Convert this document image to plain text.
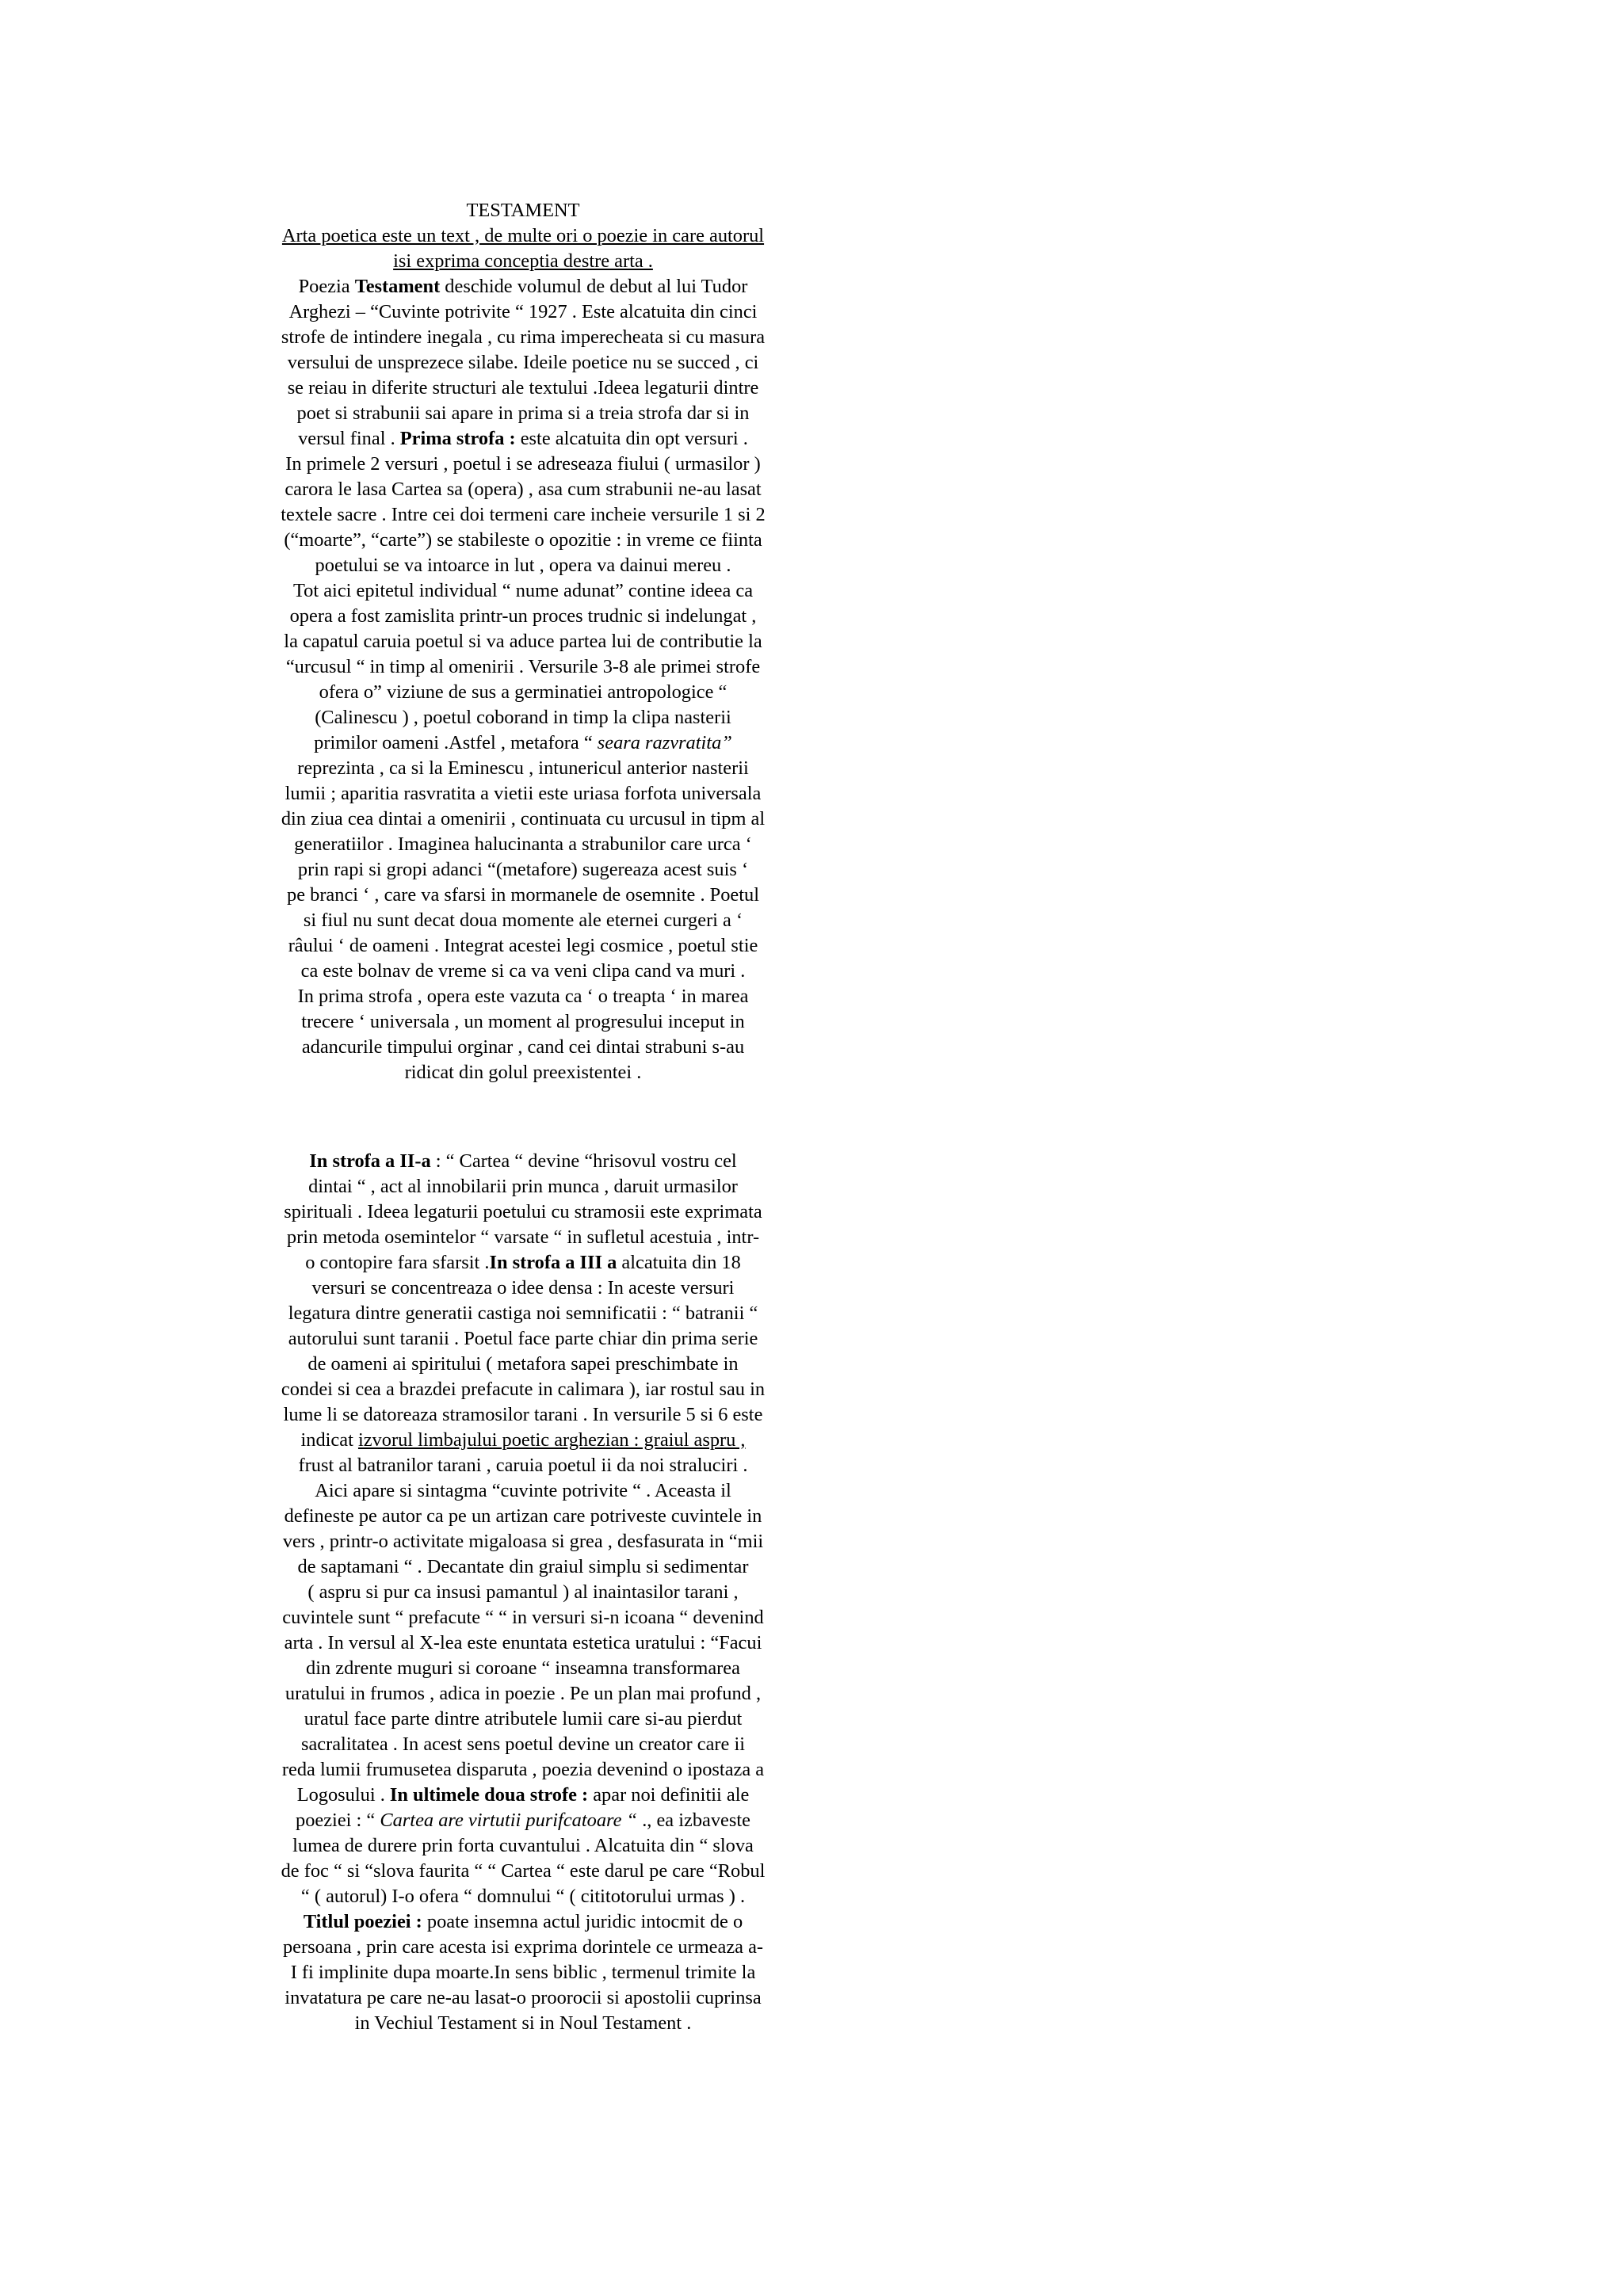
TESTAMENT
Arta poetica este un text , de multe ori o poezie in care autorul
isi exprima conceptia destre arta .
Poezia Testament deschide volumul de debut al lui Tudor
Arghezi – “Cuvinte potrivite “ 1927 . Este alcatuita din cinci
strofe de intindere inegala , cu rima imperecheata si cu masura
versului de unsprezece silabe. Ideile poetice nu se succed , ci
se reiau in diferite structuri ale textului .Ideea legaturii dintre
poet si strabunii sai apare in prima si a treia strofa dar si in
versul final . Prima strofa : este alcatuita din opt versuri .
In primele 2 versuri , poetul i se adreseaza fiului ( urmasilor )
carora le lasa Cartea sa (opera) , asa cum strabunii ne-au lasat
textele sacre . Intre cei doi termeni care incheie versurile 1 si 2
(“moarte”, “carte”) se stabileste o opozitie : in vreme ce fiinta
poetului se va intoarce in lut , opera va dainui mereu .
Tot aici epitetul individual “ nume adunat” contine ideea ca
opera a fost zamislita printr-un proces trudnic si indelungat ,
la capatul caruia poetul si va aduce partea lui de contributie la
“urcusul “ in timp al omenirii . Versurile 3-8 ale primei strofe
ofera o” viziune de sus a germinatiei antropologice “
(Calinescu ) , poetul coborand in timp la clipa nasterii
primilor oameni .Astfel , metafora “ seara razvratita”
reprezinta , ca si la Eminescu , intunericul anterior nasterii
lumii ; aparitia rasvratita a vietii este uriasa forfota universala
din ziua cea dintai a omenirii , continuata cu urcusul in tipm al
generatiilor . Imaginea halucinanta a strabunilor care urca ‘
prin rapi si gropi adanci “(metafore) sugereaza acest suis ‘
pe branci ‘ , care va sfarsi in mormanele de osemnite . Poetul
si fiul nu sunt decat doua momente ale eternei curgeri a ‘
râului ‘ de oameni . Integrat acestei legi cosmice , poetul stie
ca este bolnav de vreme si ca va veni clipa cand va muri .
In prima strofa , opera este vazuta ca ‘ o treapta ‘ in marea
trecere ‘ universala , un moment al progresului inceput in
adancurile timpului orginar , cand cei dintai strabuni s-au
ridicat din golul preexistentei .
In strofa a II-a : “ Cartea “ devine “hrisovul vostru cel
dintai “ , act al innobilarii prin munca , daruit urmasilor
spirituali . Ideea legaturii poetului cu stramosii este exprimata
prin metoda osemintelor “ varsate “ in sufletul acestuia , intr-
o contopire fara sfarsit .In strofa a III a alcatuita din 18
versuri se concentreaza o idee densa : In aceste versuri
legatura dintre generatii castiga noi semnificatii : “ batranii “
autorului sunt taranii . Poetul face parte chiar din prima serie
de oameni ai spiritului ( metafora sapei preschimbate in
condei si cea a brazdei prefacute in calimara ), iar rostul sau in
lume li se datoreaza stramosilor tarani . In versurile 5 si 6 este
indicat izvorul limbajului poetic arghezian : graiul aspru ,
frust al batranilor tarani , caruia poetul ii da noi straluciri .
Aici apare si sintagma “cuvinte potrivite “ . Aceasta il
defineste pe autor ca pe un artizan care potriveste cuvintele in
vers , printr-o activitate migaloasa si grea , desfasurata in “mii
de saptamani “ . Decantate din graiul simplu si sedimentar
( aspru si pur ca insusi pamantul ) al inaintasilor tarani ,
cuvintele sunt “ prefacute “ “ in versuri si-n icoana “ devenind
arta . In versul al X-lea este enuntata estetica uratului : “Facui
din zdrente muguri si coroane “ inseamna transformarea
uratului in frumos , adica in poezie . Pe un plan mai profund ,
uratul face parte dintre atributele lumii care si-au pierdut
sacralitatea . In acest sens poetul devine un creator care ii
reda lumii frumusetea disparuta , poezia devenind o ipostaza a
Logosului . In ultimele doua strofe : apar noi definitii ale
poeziei : “ Cartea are virtutii purifcatoare “ ., ea izbaveste
lumea de durere prin forta cuvantului . Alcatuita din “ slova
de foc “ si “slova faurita “ “ Cartea “ este darul pe care “Robul
“ ( autorul) I-o ofera “ domnului “ ( cititotorului urmas ) .
Titlul poeziei : poate insemna actul juridic intocmit de o
persoana , prin care acesta isi exprima dorintele ce urmeaza a-
I fi implinite dupa moarte.In sens biblic , termenul trimite la
invatatura pe care ne-au lasat-o proorocii si apostolii cuprinsa
in Vechiul Testament si in Noul Testament .
